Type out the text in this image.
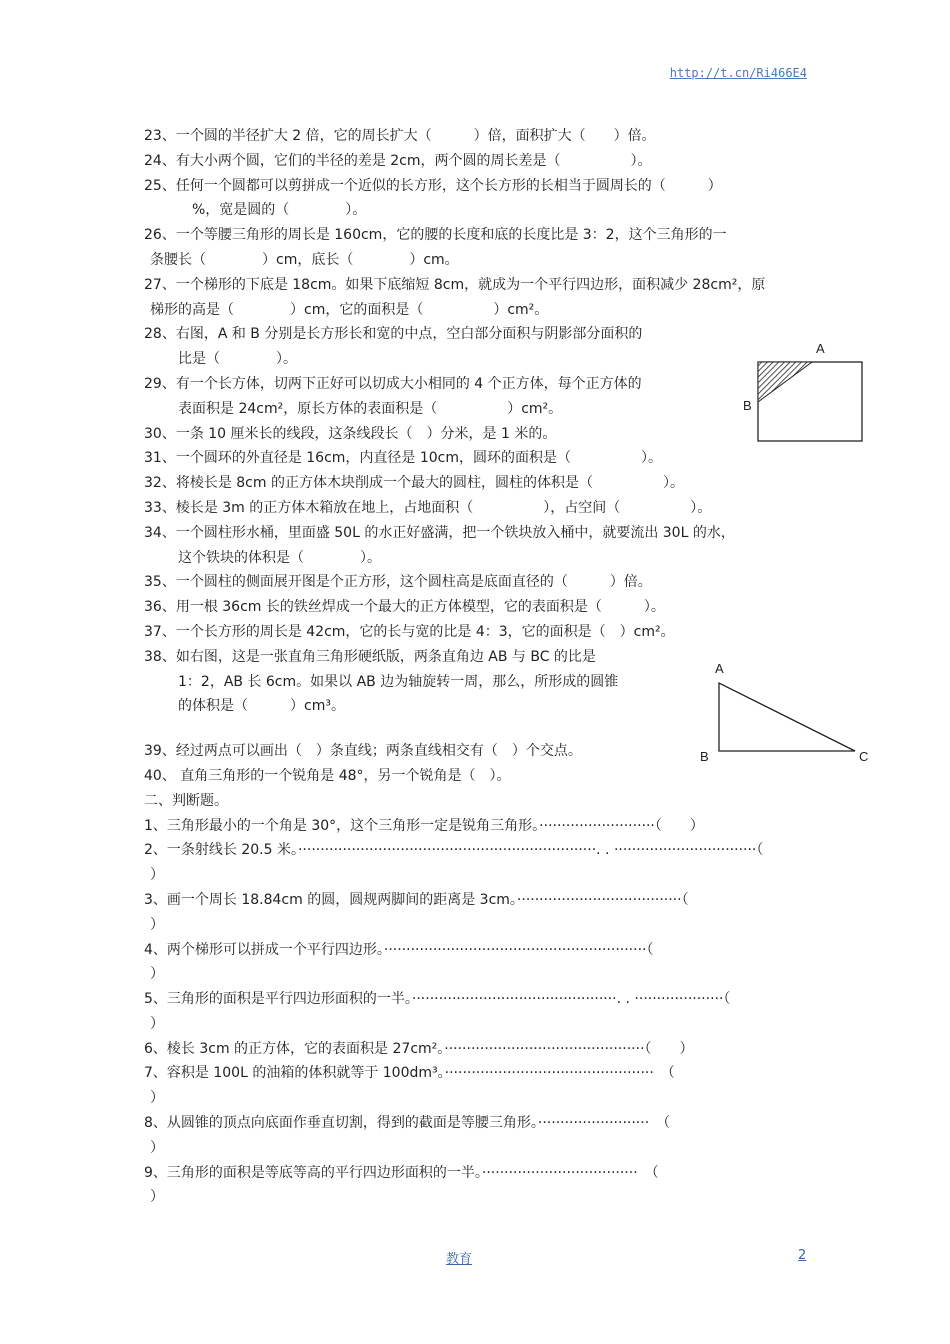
http://t.cn/Ri466E4
23、一个圆的半径扩大 2 倍，它的周长扩大（　　　）倍，面积扩大（　　）倍。
24、有大小两个圆，它们的半径的差是 2cm，两个圆的周长差是（　　　　　）。
25、任何一个圆都可以剪拼成一个近似的长方形，这个长方形的长相当于圆周长的（　　　）
　%，宽是圆的（　　　　）。
26、一个等腰三角形的周长是 160cm，它的腰的长度和底的长度比是 3：2，这个三角形的一
条腰长（　　　　）cm，底长（　　　　）cm。
27、一个梯形的下底是 18cm。如果下底缩短 8cm，就成为一个平行四边形，面积减少 28cm²，原
梯形的高是（　　　　）cm，它的面积是（　　　　　）cm²。
28、右图，A 和 B 分别是长方形长和宽的中点，空白部分面积与阴影部分面积的
比是（　　　　）。
29、有一个长方体，切两下正好可以切成大小相同的 4 个正方体，每个正方体的
表面积是 24cm²，原长方体的表面积是（　　　　　）cm²。
30、一条 10 厘米长的线段，这条线段长（　）分米，是 1 米的。
31、一个圆环的外直径是 16cm，内直径是 10cm，圆环的面积是（　　　　　）。
32、将棱长是 8cm 的正方体木块削成一个最大的圆柱，圆柱的体积是（　　　　　）。
33、棱长是 3m 的正方体木箱放在地上，占地面积（　　　　　），占空间（　　　　　）。
34、一个圆柱形水桶，里面盛 50L 的水正好盛满，把一个铁块放入桶中，就要流出 30L 的水，
这个铁块的体积是（　　　　）。
35、一个圆柱的侧面展开图是个正方形，这个圆柱高是底面直径的（　　　）倍。
36、用一根 36cm 长的铁丝焊成一个最大的正方体模型，它的表面积是（　　　）。
37、一个长方形的周长是 42cm，它的长与宽的比是 4：3，它的面积是（　）cm²。
38、如右图，这是一张直角三角形硬纸版，两条直角边 AB 与 BC 的比是
1：2，AB 长 6cm。如果以 AB 边为轴旋转一周，那么，所形成的圆锥
的体积是（　　　）cm³。
39、经过两点可以画出（　）条直线；两条直线相交有（　）个交点。
40、 直角三角形的一个锐角是 48°，另一个锐角是（　）。
二、判断题。
1、三角形最小的一个角是 30°，这个三角形一定是锐角三角形。··························（　　）
2、一条射线长 20.5 米。···································································. . ································（
）
3、画一个周长 18.84cm 的圆，圆规两脚间的距离是 3cm。·····································（
）
4、两个梯形可以拼成一个平行四边形。···························································（
）
5、三角形的面积是平行四边形面积的一半。··············································. . ····················（
）
6、棱长 3cm 的正方体，它的表面积是 27cm²。·············································（　　）
7、容积是 100L 的油箱的体积就等于 100dm³。···············································　（
）
8、从圆锥的顶点向底面作垂直切割，得到的截面是等腰三角形。·························　（
）
9、三角形的面积是等底等高的平行四边形面积的一半。···································　（
）
A
B
A
B	C
教育	2
